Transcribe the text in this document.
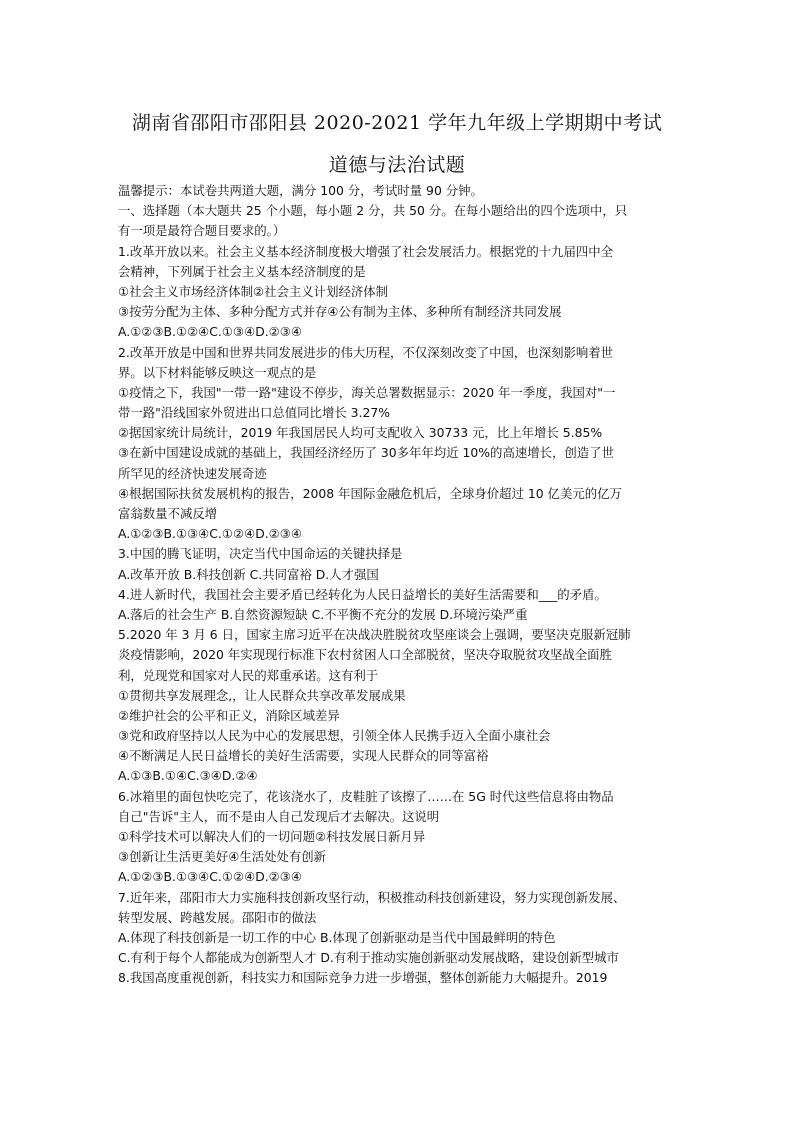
湖南省邵阳市邵阳县 2020-2021 学年九年级上学期期中考试
道德与法治试题
温馨提示：本试卷共两道大题，满分 100 分，考试时量 90 分钟。
一、选择题（本大题共 25 个小题，每小题 2 分，共 50 分。在每小题给出的四个选项中，只
有一项是最符合题目要求的。）
1.改革开放以来。社会主义基本经济制度极大增强了社会发展活力。根据党的十九届四中全
会精神，下列属于社会主义基本经济制度的是
①社会主义市场经济体制②社会主义计划经济体制
③按劳分配为主体、多种分配方式并存④公有制为主体、多种所有制经济共同发展
A.①②③B.①②④C.①③④D.②③④
2.改革开放是中国和世界共同发展进步的伟大历程，不仅深刻改变了中国，也深刻影响着世
界。以下材料能够反映这一观点的是
①疫情之下，我国"一带一路"建设不停步，海关总署数据显示：2020 年一季度，我国对"一
带一路"沿线国家外贸进出口总值同比增长 3.27%
②据国家统计局统计，2019 年我国居民人均可支配收入 30733 元，比上年增长 5.85%
③在新中国建设成就的基础上，我国经济经历了 30多年年均近 10%的高速增长，创造了世
所罕见的经济快速发展奇迹
④根据国际扶贫发展机构的报告，2008 年国际金融危机后，全球身价超过 10 亿美元的亿万
富翁数量不减反增
A.①②③B.①③④C.①②④D.②③④
3.中国的腾飞证明，决定当代中国命运的关键抉择是
A.改革开放 B.科技创新 C.共同富裕 D.人才强国
4.进人新时代，我国社会主要矛盾已经转化为人民日益增长的美好生活需要和___的矛盾。
A.落后的社会生产 B.自然资源短缺 C.不平衡不充分的发展 D.环境污染严重
5.2020 年 3 月 6 日，国家主席习近平在决战决胜脱贫攻坚座谈会上强调，要坚决克服新冠肺
炎疫情影响，2020 年实现现行标准下农村贫困人口全部脱贫，坚决夺取脱贫攻坚战全面胜
利，兑现党和国家对人民的郑重承诺。这有利于
①贯彻共享发展理念,，让人民群众共享改革发展成果
②维护社会的公平和正义，消除区域差异
③党和政府坚持以人民为中心的发展思想，引领全体人民携手迈入全面小康社会
④不断满足人民日益增长的美好生活需要，实现人民群众的同等富裕
A.①③B.①④C.③④D.②④
6.冰箱里的面包快吃完了，花该浇水了，皮鞋脏了该擦了……在 5G 时代这些信息将由物品
自己"告诉"主人，而不是由人自己发现后才去解决。这说明
①科学技术可以解决人们的一切问题②科技发展日新月异
③创新让生活更美好④生活处处有创新
A.①②③B.①③④C.①②④D.②③④
7.近年来，邵阳市大力实施科技创新攻坚行动，积极推动科技创新建设，努力实现创新发展、
转型发展、跨越发展。邵阳市的做法
A.体现了科技创新是一切工作的中心 B.体现了创新驱动是当代中国最鲜明的特色
C.有利于每个人都能成为创新型人才 D.有利于推动实施创新驱动发展战略，建设创新型城市
8.我国高度重视创新，科技实力和国际竞争力进一步增强，整体创新能力大幅提升。2019
